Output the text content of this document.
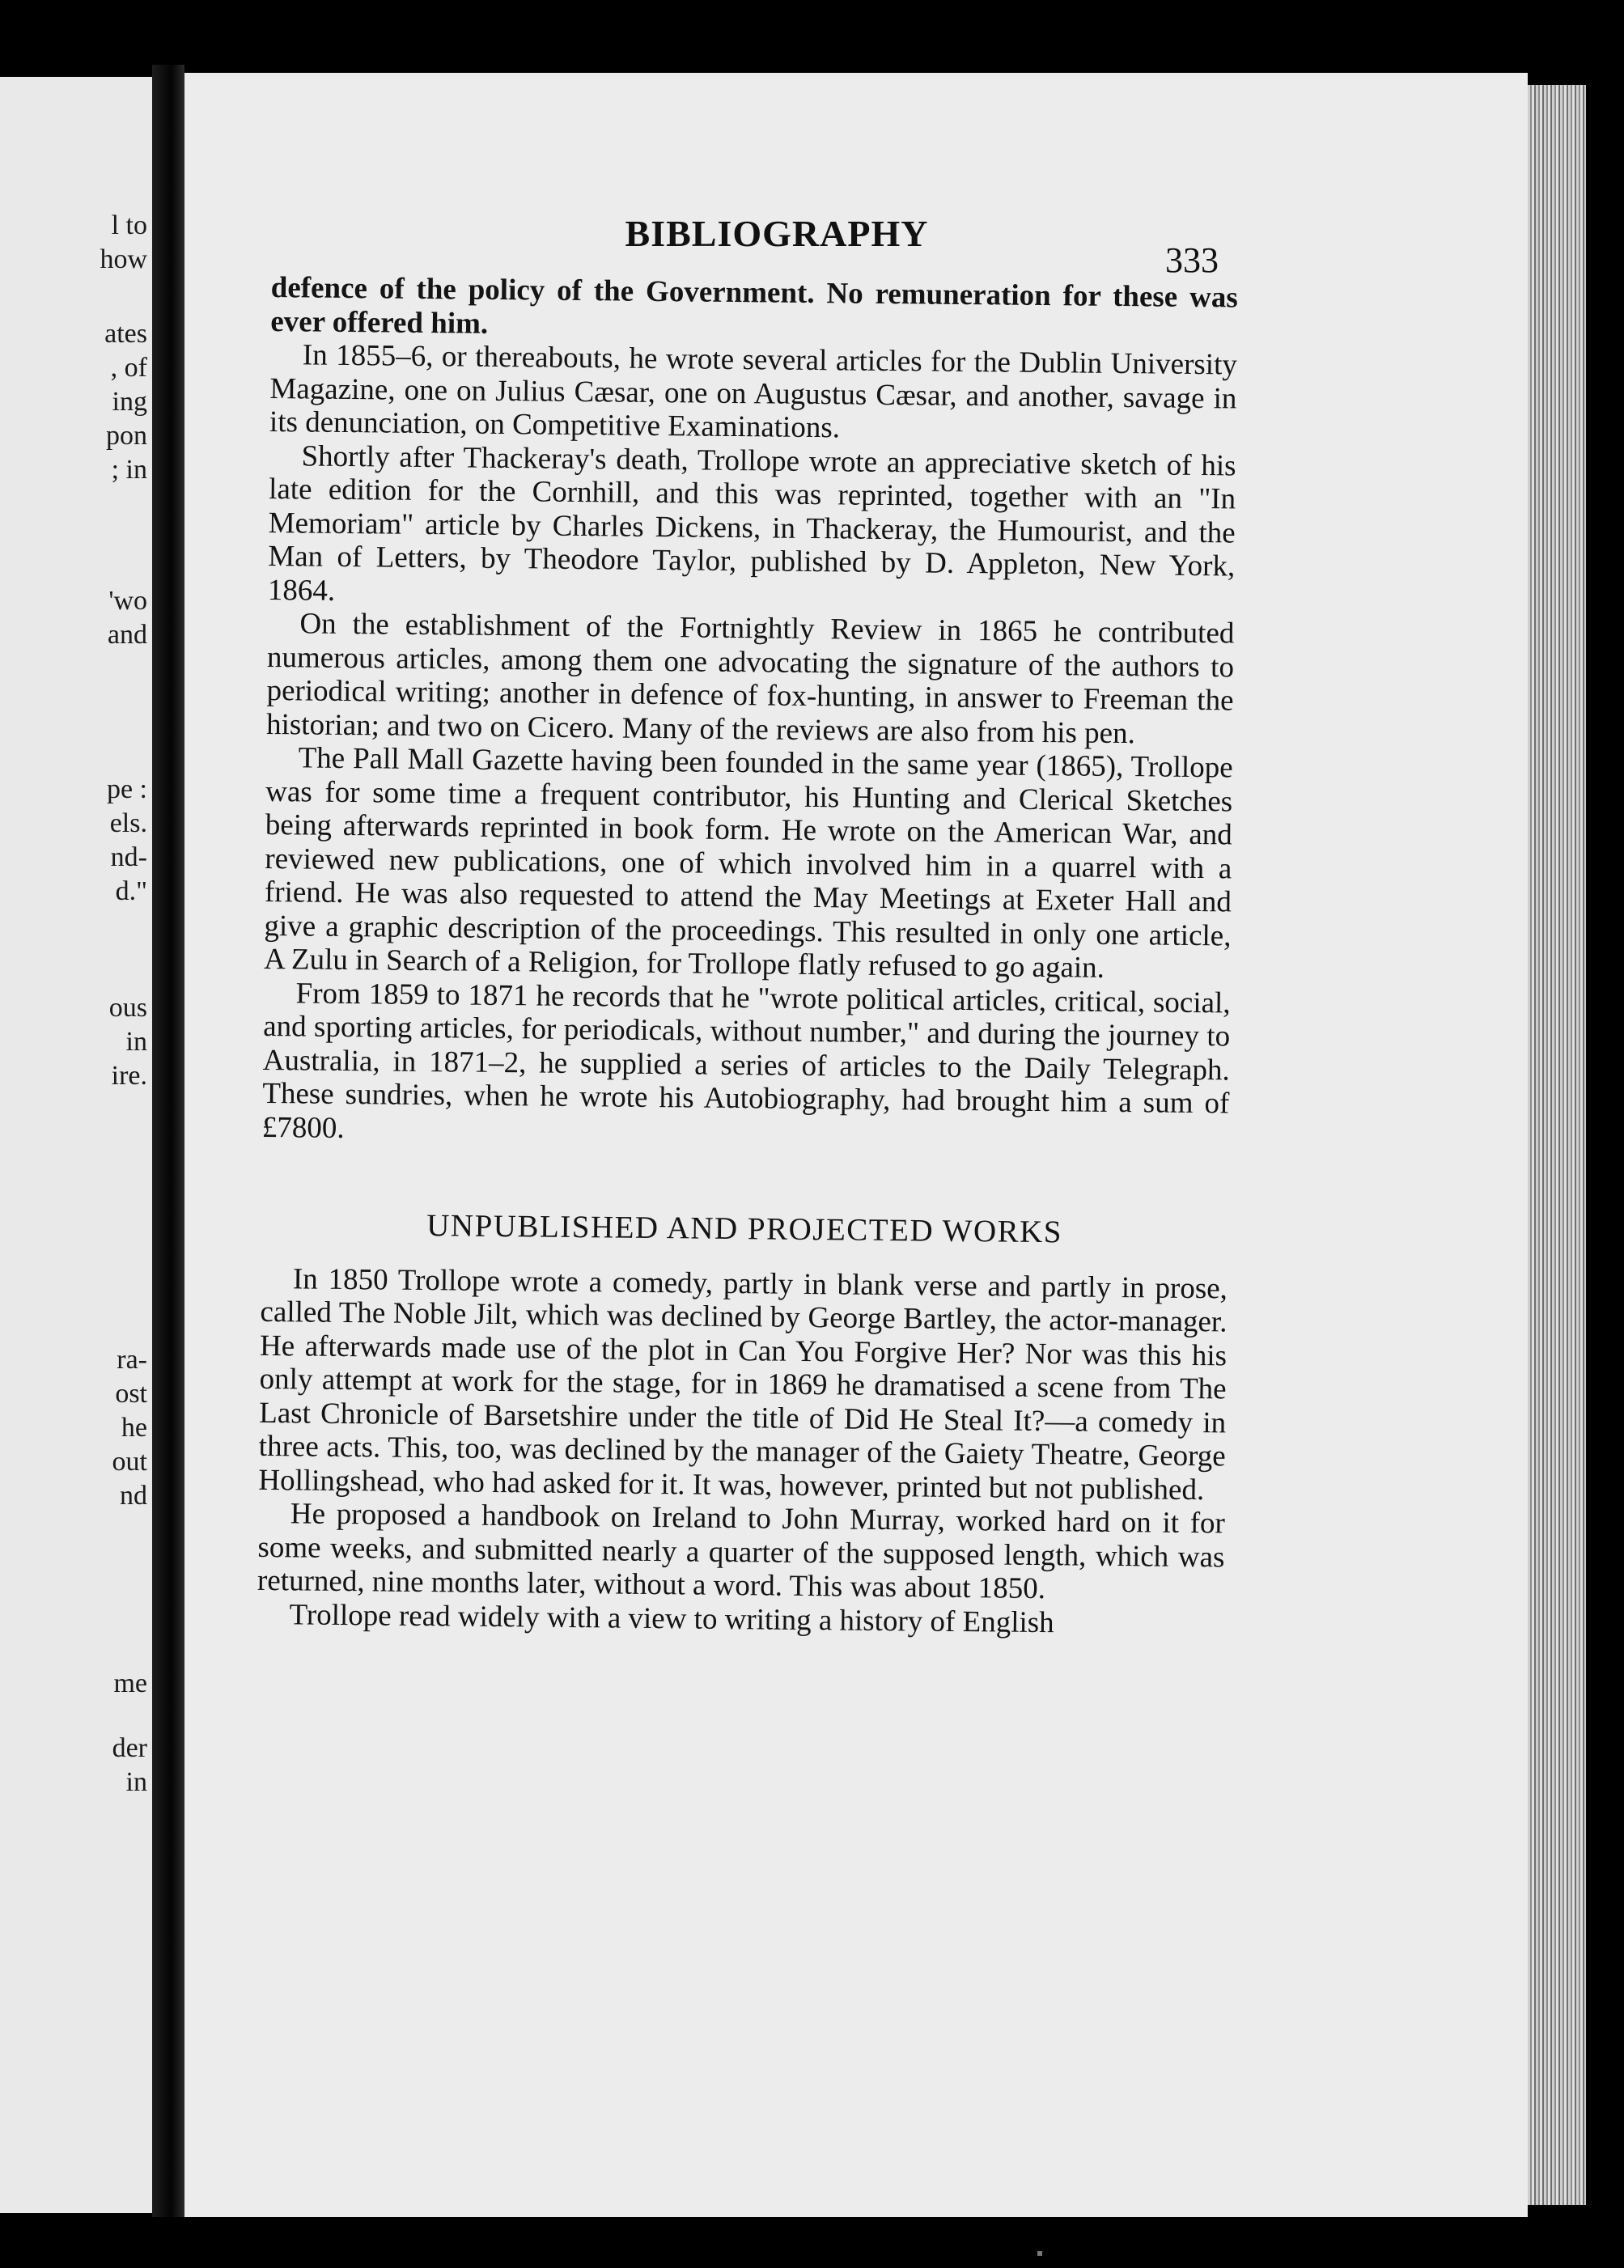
l to
how
ates
, of
ing
pon
; in
'wo
and
pe :
els.
nd-
d."
ous
in
ire.
ra-
ost
he
out
nd
me
der
in
BIBLIOGRAPHY
333

defence of the policy of the Government. No remuneration for these was ever offered him.

In 1855–6, or thereabouts, he wrote several articles for the Dublin University Magazine, one on Julius Cæsar, one on Augustus Cæsar, and another, savage in its denunciation, on Competitive Examinations.

Shortly after Thackeray's death, Trollope wrote an appreciative sketch of his late edition for the Cornhill, and this was reprinted, together with an "In Memoriam" article by Charles Dickens, in Thackeray, the Humourist, and the Man of Letters, by Theodore Taylor, published by D. Appleton, New York, 1864.

On the establishment of the Fortnightly Review in 1865 he contributed numerous articles, among them one advocating the signature of the authors to periodical writing; another in defence of fox-hunting, in answer to Freeman the historian; and two on Cicero. Many of the reviews are also from his pen.

The Pall Mall Gazette having been founded in the same year (1865), Trollope was for some time a frequent contributor, his Hunting and Clerical Sketches being afterwards reprinted in book form. He wrote on the American War, and reviewed new publications, one of which involved him in a quarrel with a friend. He was also requested to attend the May Meetings at Exeter Hall and give a graphic description of the proceedings. This resulted in only one article, A Zulu in Search of a Religion, for Trollope flatly refused to go again.

From 1859 to 1871 he records that he "wrote political articles, critical, social, and sporting articles, for periodicals, without number," and during the journey to Australia, in 1871–2, he supplied a series of articles to the Daily Telegraph. These sundries, when he wrote his Autobiography, had brought him a sum of £7800.

UNPUBLISHED AND PROJECTED WORKS

In 1850 Trollope wrote a comedy, partly in blank verse and partly in prose, called The Noble Jilt, which was declined by George Bartley, the actor-manager. He afterwards made use of the plot in Can You Forgive Her? Nor was this his only attempt at work for the stage, for in 1869 he dramatised a scene from The Last Chronicle of Barsetshire under the title of Did He Steal It?—a comedy in three acts. This, too, was declined by the manager of the Gaiety Theatre, George Hollingshead, who had asked for it. It was, however, printed but not published.

He proposed a handbook on Ireland to John Murray, worked hard on it for some weeks, and submitted nearly a quarter of the supposed length, which was returned, nine months later, without a word. This was about 1850.

Trollope read widely with a view to writing a history of English
